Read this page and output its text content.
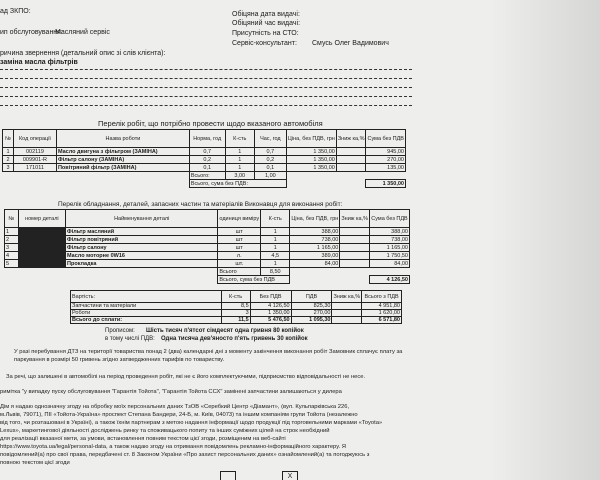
ад ЗКПО:
ип обслуговування:
Масляний сервіс
Обіцяна дата видачі:
Обіцяний час видачі:
Присутність на СТО:
Сервіс-консультант: Смусь Олег Вадимович
ричина звернення (детальний опис зі слів клієнта):
заміна масла фільтрів
Перелік робіт, що потрібно провести щодо вказаного автомобіля
№	Код операції	Назва роботи	Норма, год	К-сть	Час, год	Ціна, без ПДВ, грн	Зниж ка,%	Сума без ПДВ
1	002119	Масло двигуна з фільтром (ЗАМІНА)	0,7	1	0,7	1 350,00		945,00
2	009901-R	Фільтр салону (ЗАМІНА)	0,2	1	0,2	1 350,00		270,00
3	171011	Повітряний фільтр (ЗАМІНА)	0,1	1	0,1	1 350,00		135,00
			Всього:	3,00	1,00			
			Всього, сума без ПДВ:					1 350,00
Перелік обладнання, деталей, запасних частин та матеріалів Виконавця для виконання робіт:
№	номер деталі	Найменування деталі	одиниця виміру	К-сть	Ціна, без ПДВ, грн	Зниж ка,%	Сума без ПДВ
1		Фільтр масляний	шт	1	388,00		388,00
2		Фільтр повітряний	шт	1	738,00		738,00
3		Фільтр салону	шт	1	1 165,00		1 165,00
4		Масло моторне 0W16	л.	4,5	389,00		1 750,50
5		Прокладка	шт.	1	84,00		84,00
			Всього	8,50			
			Всього, сума без ПДВ				4 126,50
Вартість:	К-сть	Без ПДВ	ПДВ	Зниж ка,%	Всього з ПДВ
Запчастини та матеріали	8,5	4 126,50	825,30		4 951,80
Роботи	3	1 350,00	270,00		1 620,00
Всього до сплати:	11,5	5 476,50	1 095,30		6 571,80
Прописом: Шість тисяч п'ятсот сімдесят одна гривня 80 копійок
в тому числі ПДВ: Одна тисяча дев'яносто п'ять гривень 30 копійок
У разі перебування ДТЗ на території товариства понад 2 (два) календарні дні з моменту закінчення виконання робіт Замовник сплачує плату за паркування в розмірі 50 гривень згідно затвердженних тарифів по товариству.
За речі, що залишені в автомобілі на період проведення робіт, які не є його комплектуючими, підприємство відповідальності не несе.
римітка "у випадку пуску обслуговування "Гарантія Тойота", "Гарантія Тойота ССХ" замінені запчастини залишаються у дилера
Дім я надаю однозначну згоду на обробку моїх персональних даних ТзОВ «Серебкий Центр «Діамант», (вул. Кульпарківська 226,
м.Львів, 79071), ПІІ «Тойота-Україна» проспект Степана Бандери, 24-Б, м. Київ, 04073) та іншим компаніям групи Тойота (незалежно
від того, чи розташовані в Україні), а також їхнім партнерам з метою надання інформації щодо продукції під торговельними марками «Toyota»
Lexus», маркетингової діяльності досліджень ринку та споживацького попиту та інших суміжних цілей на строк необхідний
для реалізації вказаної мети, за умови, встановлення повним текстом цієї згоди, розміщеним на веб-сайті
https://www.toyota.ua/legal/personal-data, а також надаю згоду на отримання повідомлень рекламно-інформаційного характеру. Я
повідомлений(а) про свої права, передбачені ст. 8 Законом України «Про захист персональних даних» ознайомлений(а) та погоджуюсь з
повною текстом цієї згоди
X
